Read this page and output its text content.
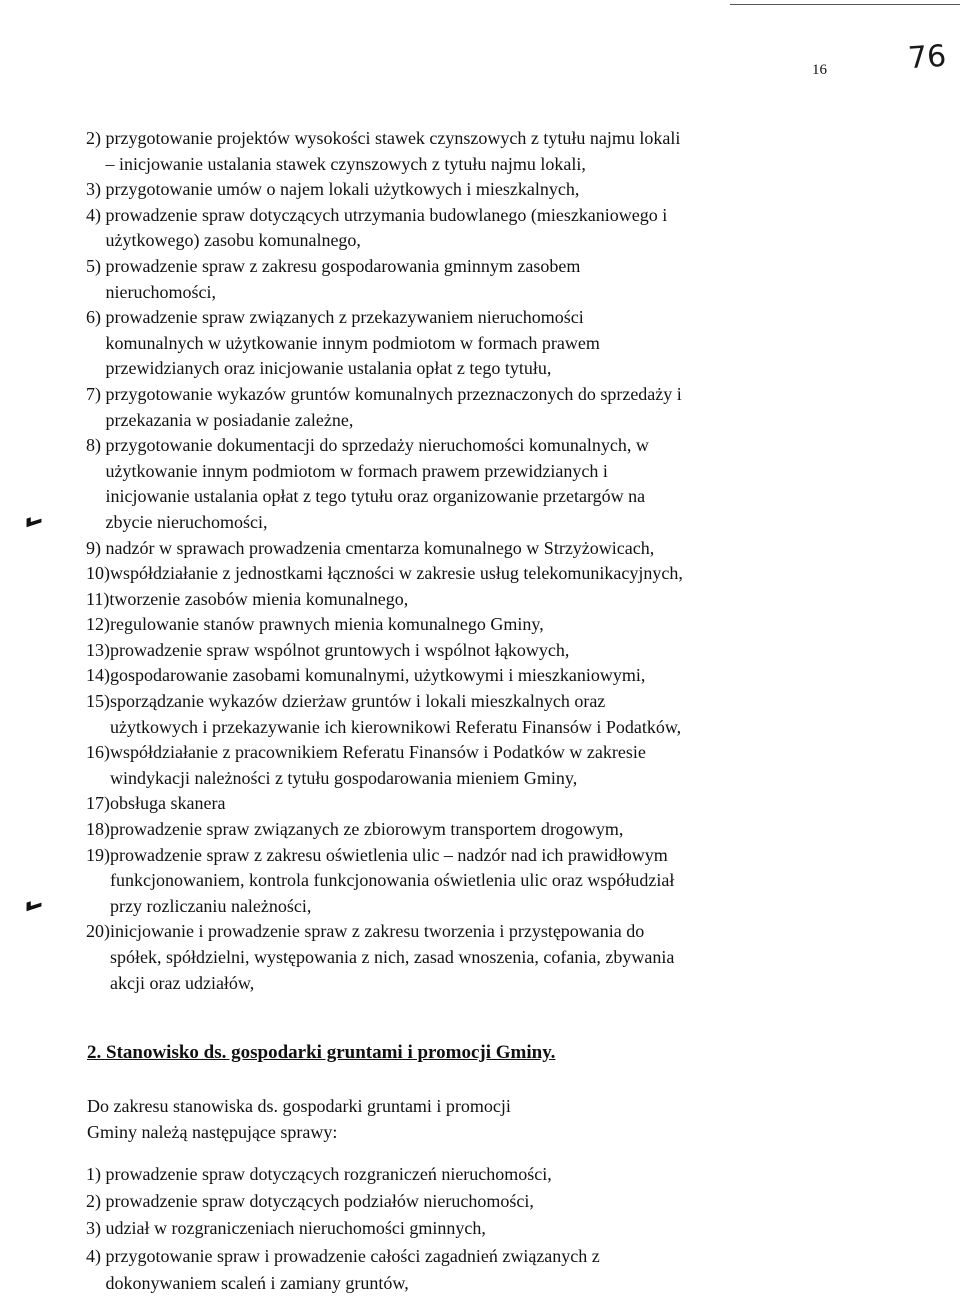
76
16
2) przygotowanie projektów wysokości stawek czynszowych z tytułu najmu lokali
– inicjowanie ustalania stawek czynszowych z tytułu najmu lokali,
3) przygotowanie umów o najem lokali użytkowych i mieszkalnych,
4) prowadzenie spraw dotyczących utrzymania budowlanego (mieszkaniowego i
użytkowego) zasobu komunalnego,
5) prowadzenie spraw z zakresu gospodarowania gminnym zasobem
nieruchomości,
6) prowadzenie spraw związanych z przekazywaniem nieruchomości
komunalnych w użytkowanie innym podmiotom w formach prawem
przewidzianych oraz inicjowanie ustalania opłat z tego tytułu,
7) przygotowanie wykazów gruntów komunalnych przeznaczonych do sprzedaży i
przekazania w posiadanie zależne,
8) przygotowanie dokumentacji do sprzedaży nieruchomości komunalnych, w
użytkowanie innym podmiotom w formach prawem przewidzianych i
inicjowanie ustalania opłat z tego tytułu oraz organizowanie przetargów na
zbycie nieruchomości,
9) nadzór w sprawach prowadzenia cmentarza komunalnego w Strzyżowicach,
10) współdziałanie z jednostkami łączności w zakresie usług telekomunikacyjnych,
11) tworzenie zasobów mienia komunalnego,
12) regulowanie stanów prawnych mienia komunalnego Gminy,
13) prowadzenie spraw wspólnot gruntowych i wspólnot łąkowych,
14) gospodarowanie zasobami komunalnymi, użytkowymi i mieszkaniowymi,
15) sporządzanie wykazów dzierżaw gruntów i lokali mieszkalnych oraz
użytkowych i przekazywanie ich kierownikowi Referatu Finansów i Podatków,
16) współdziałanie z pracownikiem Referatu Finansów i Podatków w zakresie
windykacji należności z tytułu gospodarowania mieniem Gminy,
17) obsługa skanera
18) prowadzenie spraw związanych ze zbiorowym transportem drogowym,
19) prowadzenie spraw z zakresu oświetlenia ulic – nadzór nad ich prawidłowym
funkcjonowaniem, kontrola funkcjonowania oświetlenia ulic oraz współudział
przy rozliczaniu należności,
20) inicjowanie i prowadzenie spraw z zakresu tworzenia i przystępowania do
spółek, spółdzielni, występowania z nich, zasad wnoszenia, cofania, zbywania
akcji oraz udziałów,
2. Stanowisko ds. gospodarki gruntami i promocji Gminy.
Do zakresu stanowiska ds. gospodarki gruntami i promocji
Gminy należą następujące sprawy:
1) prowadzenie spraw dotyczących rozgraniczeń nieruchomości,
2) prowadzenie spraw dotyczących podziałów nieruchomości,
3) udział w rozgraniczeniach nieruchomości gminnych,
4) przygotowanie spraw i prowadzenie całości zagadnień związanych z
dokonywaniem scaleń i zamiany gruntów,
